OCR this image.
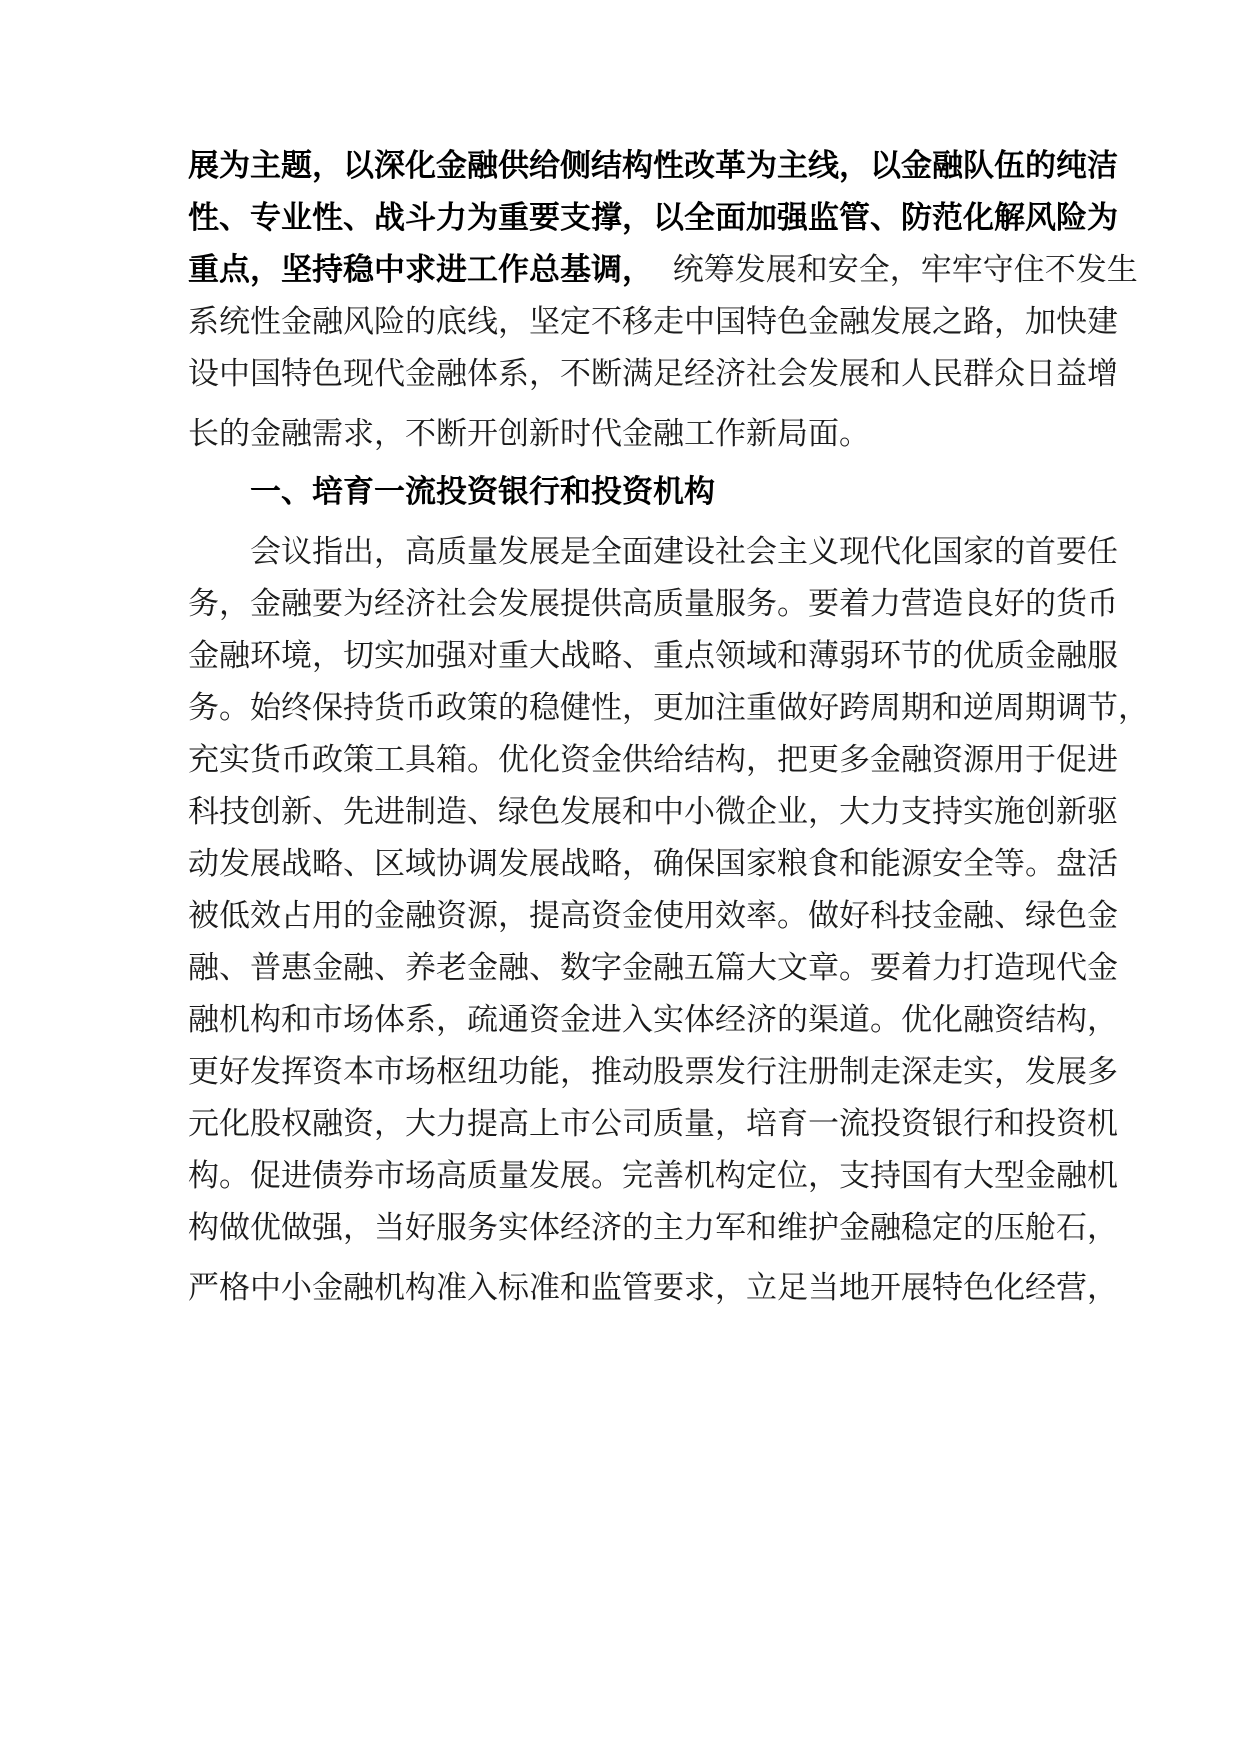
展为主题，以深化金融供给侧结构性改革为主线，以金融队伍的纯洁
性、专业性、战斗力为重要支撑，以全面加强监管、防范化解风险为
重点，坚持稳中求进工作总基调，  统筹发展和安全，牢牢守住不发生
系统性金融风险的底线，坚定不移走中国特色金融发展之路，加快建
设中国特色现代金融体系，不断满足经济社会发展和人民群众日益增
长的金融需求，不断开创新时代金融工作新局面。
一、培育一流投资银行和投资机构
会议指出，高质量发展是全面建设社会主义现代化国家的首要任
务，金融要为经济社会发展提供高质量服务。要着力营造良好的货币
金融环境，切实加强对重大战略、重点领域和薄弱环节的优质金融服
务。始终保持货币政策的稳健性，更加注重做好跨周期和逆周期调节，
充实货币政策工具箱。优化资金供给结构，把更多金融资源用于促进
科技创新、先进制造、绿色发展和中小微企业，大力支持实施创新驱
动发展战略、区域协调发展战略，确保国家粮食和能源安全等。盘活
被低效占用的金融资源，提高资金使用效率。做好科技金融、绿色金
融、普惠金融、养老金融、数字金融五篇大文章。要着力打造现代金
融机构和市场体系，疏通资金进入实体经济的渠道。优化融资结构，
更好发挥资本市场枢纽功能，推动股票发行注册制走深走实，发展多
元化股权融资，大力提高上市公司质量，培育一流投资银行和投资机
构。促进债券市场高质量发展。完善机构定位，支持国有大型金融机
构做优做强，当好服务实体经济的主力军和维护金融稳定的压舱石，
严格中小金融机构准入标准和监管要求，立足当地开展特色化经营，
